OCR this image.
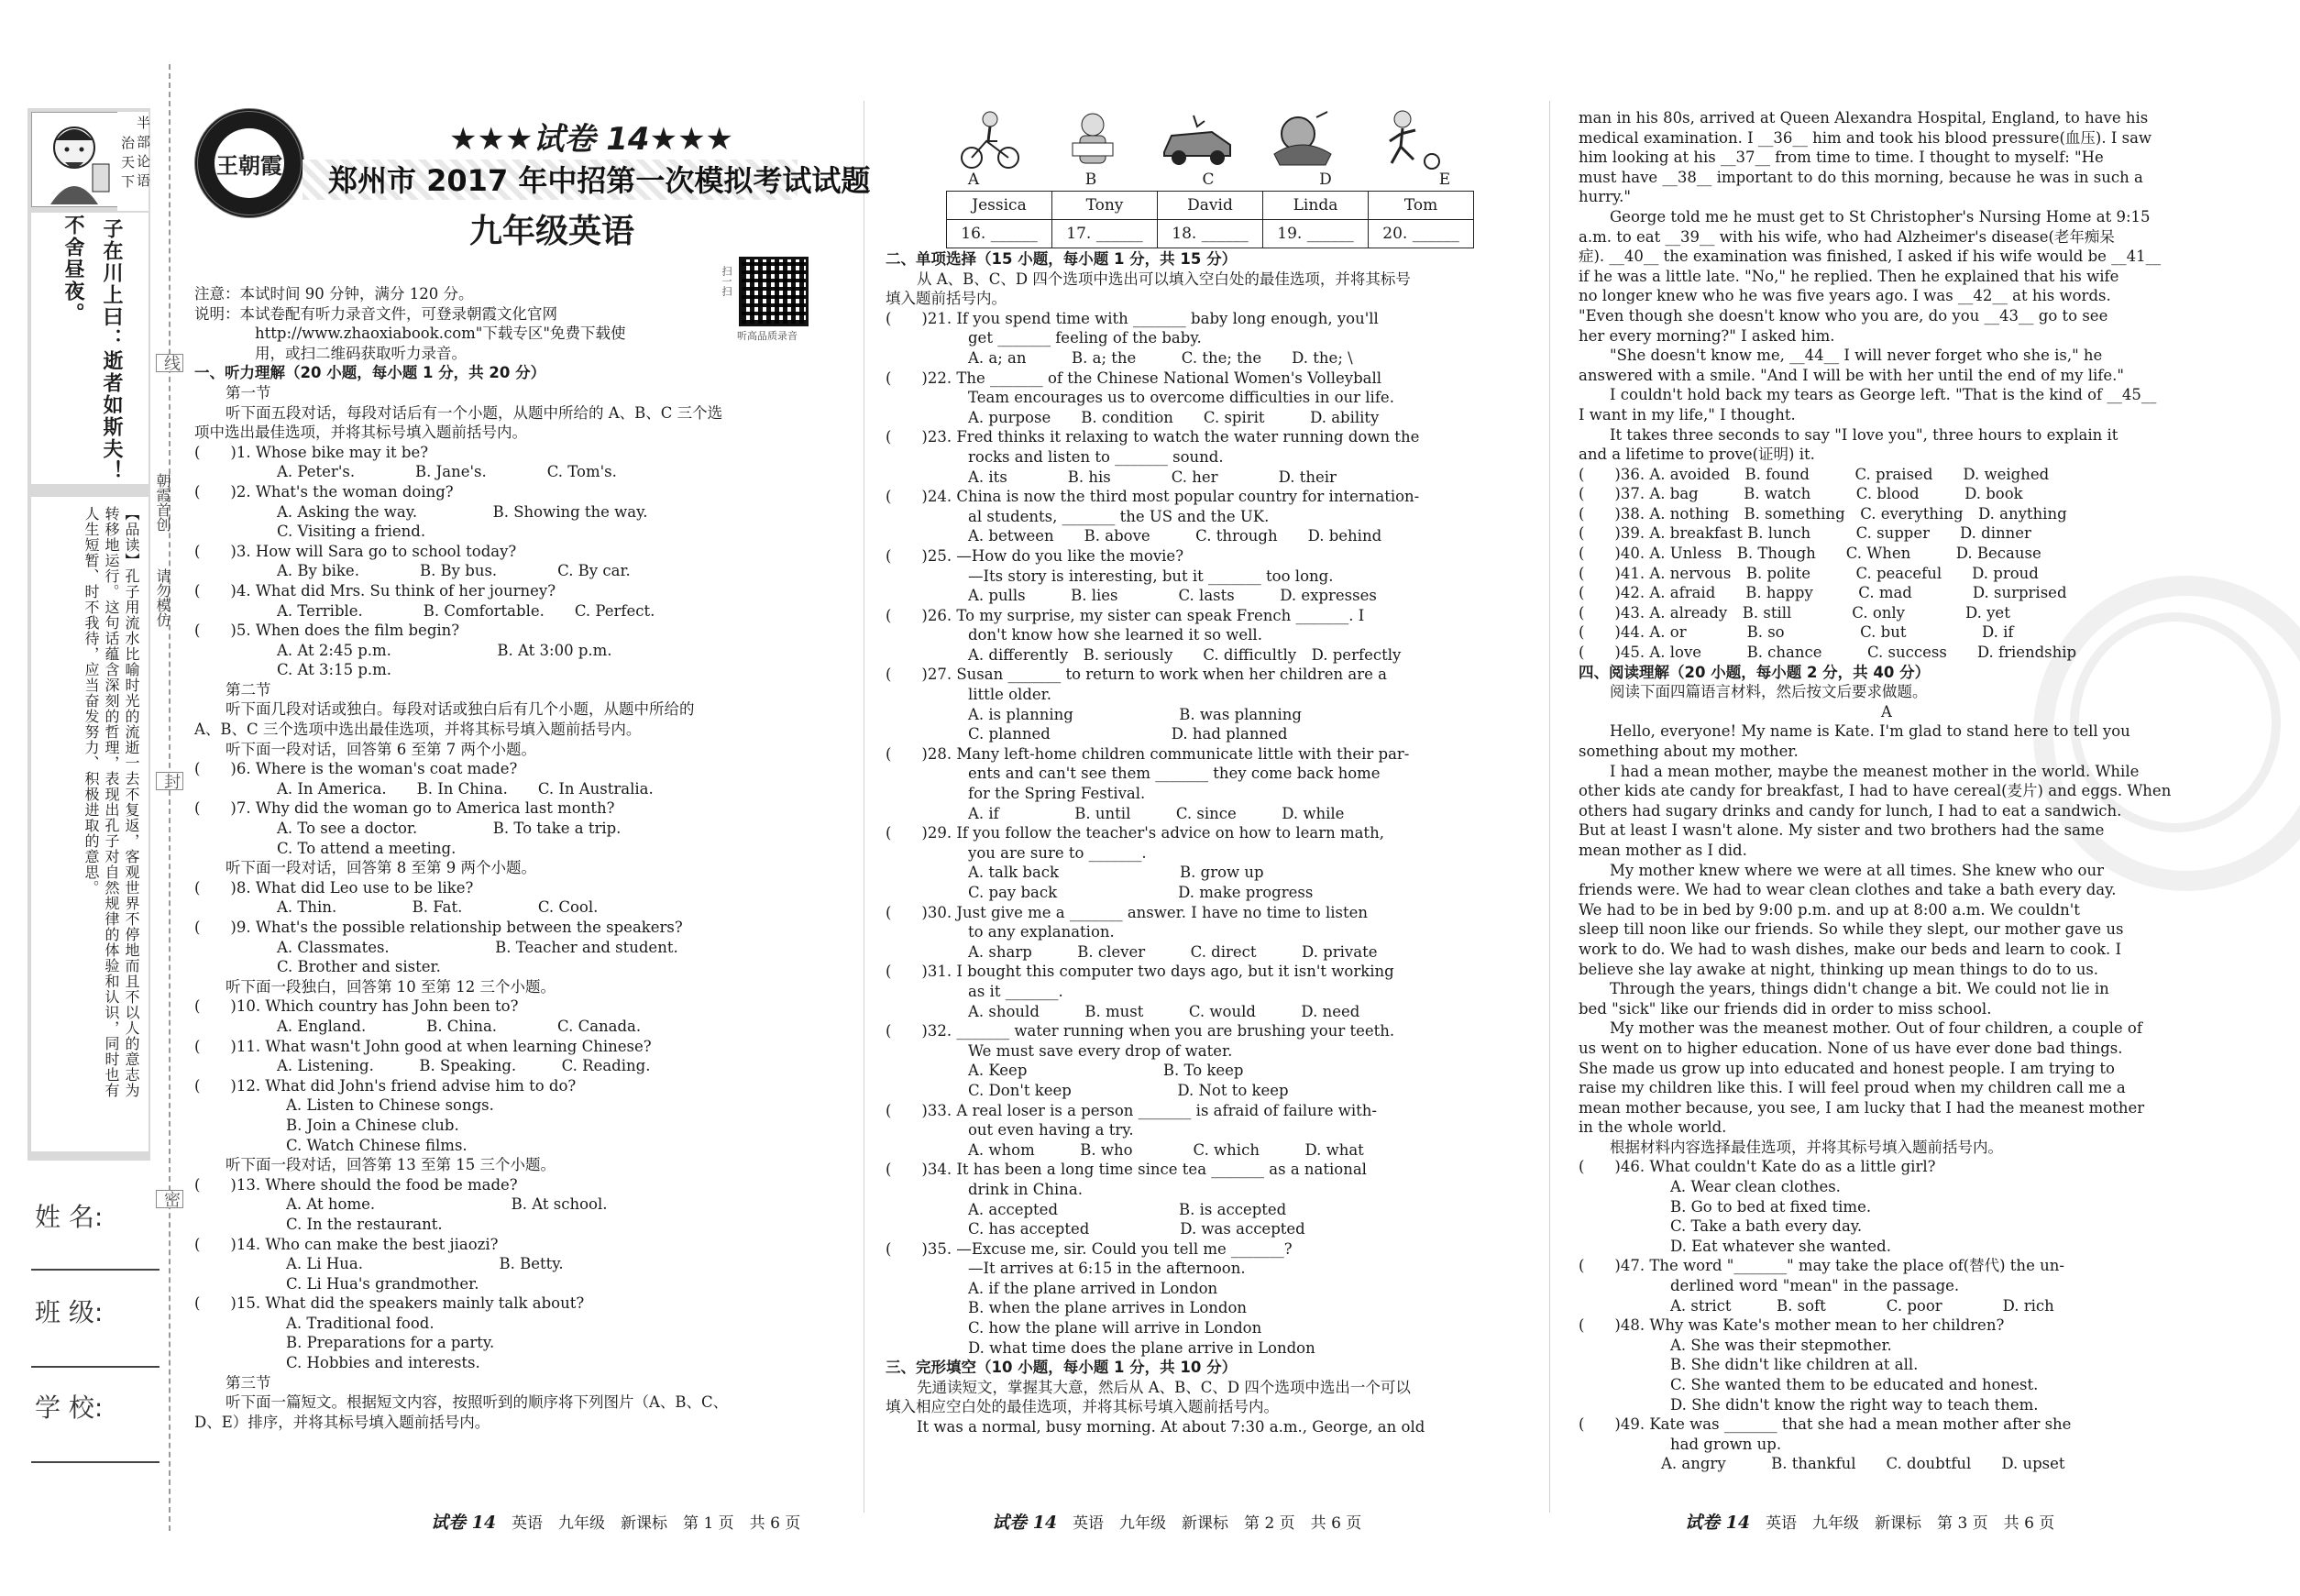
半部论语
治天下
子在川上曰：逝者如斯夫！
不舍昼夜。
【品读】孔子用流水比喻时光的流逝一去不复返，客观世界不停地而且不以人的意志为转移地运行。这句话蕴含深刻的哲理，表现出孔子对自然规律的体验和认识，同时也有人生短暂、时不我待，应当奋发努力、积极进取的意思。
姓 名:
班 级:
学 校:
线
封
密
朝霞首创
请勿模仿
王朝霞
★★★试卷 14★★★
郑州市 2017 年中招第一次模拟考试试题
九年级英语
扫一扫
听高品质录音
注意：本试时间 90 分钟，满分 120 分。
说明：本试卷配有听力录音文件，可登录朝霞文化官网
http://www.zhaoxiabook.com"下载专区"免费下载使
用，或扫二维码获取听力录音。
一、听力理解（20 小题，每小题 1 分，共 20 分）
第一节
听下面五段对话，每段对话后有一个小题，从题中所给的 A、B、C 三个选
项中选出最佳选项，并将其标号填入题前括号内。
(　　)1. Whose bike may it be?
A. Peter's.　　　　B. Jane's.　　　　C. Tom's.
(　　)2. What's the woman doing?
A. Asking the way.　　　　　B. Showing the way.
C. Visiting a friend.
(　　)3. How will Sara go to school today?
A. By bike.　　　　B. By bus.　　　　C. By car.
(　　)4. What did Mrs. Su think of her journey?
A. Terrible.　　　　B. Comfortable.　　C. Perfect.
(　　)5. When does the film begin?
A. At 2:45 p.m.　　　　　　　B. At 3:00 p.m.
C. At 3:15 p.m.
第二节
听下面几段对话或独白。每段对话或独白后有几个小题，从题中所给的
A、B、C 三个选项中选出最佳选项，并将其标号填入题前括号内。
听下面一段对话，回答第 6 至第 7 两个小题。
(　　)6. Where is the woman's coat made?
A. In America.　　B. In China.　　C. In Australia.
(　　)7. Why did the woman go to America last month?
A. To see a doctor.　　　　　B. To take a trip.
C. To attend a meeting.
听下面一段对话，回答第 8 至第 9 两个小题。
(　　)8. What did Leo use to be like?
A. Thin.　　　　　B. Fat.　　　　　C. Cool.
(　　)9. What's the possible relationship between the speakers?
A. Classmates.　　　　　　　B. Teacher and student.
C. Brother and sister.
听下面一段独白，回答第 10 至第 12 三个小题。
(　　)10. Which country has John been to?
A. England.　　　　B. China.　　　　C. Canada.
(　　)11. What wasn't John good at when learning Chinese?
A. Listening.　　　B. Speaking.　　　C. Reading.
(　　)12. What did John's friend advise him to do?
A. Listen to Chinese songs.
B. Join a Chinese club.
C. Watch Chinese films.
听下面一段对话，回答第 13 至第 15 三个小题。
(　　)13. Where should the food be made?
A. At home.　　　　　　　　　B. At school.
C. In the restaurant.
(　　)14. Who can make the best jiaozi?
A. Li Hua.　　　　　　　　　B. Betty.
C. Li Hua's grandmother.
(　　)15. What did the speakers mainly talk about?
A. Traditional food.
B. Preparations for a party.
C. Hobbies and interests.
第三节
听下面一篇短文。根据短文内容，按照听到的顺序将下列图片（A、B、C、
D、E）排序，并将其标号填入题前括号内。
A	B	C	D	E
Jessica	Tony	David	Linda	Tom
16. ______	17. ______	18. ______	19. ______	20. ______
二、单项选择（15 小题，每小题 1 分，共 15 分）
从 A、B、C、D 四个选项中选出可以填入空白处的最佳选项，并将其标号
填入题前括号内。
(　　)21. If you spend time with _______ baby long enough, you'll
get _______ feeling of the baby.
A. a; an　　　B. a; the　　　C. the; the　　D. the; \
(　　)22. The _______ of the Chinese National Women's Volleyball
Team encourages us to overcome difficulties in our life.
A. purpose　　B. condition　　C. spirit　　　D. ability
(　　)23. Fred thinks it relaxing to watch the water running down the
rocks and listen to _______ sound.
A. its　　　　B. his　　　　C. her　　　　D. their
(　　)24. China is now the third most popular country for internation-
al students, _______ the US and the UK.
A. between　　B. above　　　C. through　　D. behind
(　　)25. —How do you like the movie?
—Its story is interesting, but it _______ too long.
A. pulls　　　B. lies　　　　C. lasts　　　D. expresses
(　　)26. To my surprise, my sister can speak French _______. I
don't know how she learned it so well.
A. differently　B. seriously　　C. difficultly　D. perfectly
(　　)27. Susan _______ to return to work when her children are a
little older.
A. is planning　　　　　　　B. was planning
C. planned　　　　　　　　D. had planned
(　　)28. Many left-home children communicate little with their par-
ents and can't see them _______ they come back home
for the Spring Festival.
A. if　　　　　B. until　　　C. since　　　D. while
(　　)29. If you follow the teacher's advice on how to learn math,
you are sure to _______.
A. talk back　　　　　　　　B. grow up
C. pay back　　　　　　　　D. make progress
(　　)30. Just give me a _______ answer. I have no time to listen
to any explanation.
A. sharp　　　B. clever　　　C. direct　　　D. private
(　　)31. I bought this computer two days ago, but it isn't working
as it _______.
A. should　　　B. must　　　C. would　　　D. need
(　　)32. _______ water running when you are brushing your teeth.
We must save every drop of water.
A. Keep　　　　　　　　　B. To keep
C. Don't keep　　　　　　　D. Not to keep
(　　)33. A real loser is a person _______ is afraid of failure with-
out even having a try.
A. whom　　　B. who　　　　C. which　　　D. what
(　　)34. It has been a long time since tea _______ as a national
drink in China.
A. accepted　　　　　　　　B. is accepted
C. has accepted　　　　　　D. was accepted
(　　)35. —Excuse me, sir. Could you tell me _______?
—It arrives at 6:15 in the afternoon.
A. if the plane arrived in London
B. when the plane arrives in London
C. how the plane will arrive in London
D. what time does the plane arrive in London
三、完形填空（10 小题，每小题 1 分，共 10 分）
先通读短文，掌握其大意，然后从 A、B、C、D 四个选项中选出一个可以
填入相应空白处的最佳选项，并将其标号填入题前括号内。
It was a normal, busy morning. At about 7:30 a.m., George, an old
man in his 80s, arrived at Queen Alexandra Hospital, England, to have his
medical examination. I __36__ him and took his blood pressure(血压). I saw
him looking at his __37__ from time to time. I thought to myself: "He
must have __38__ important to do this morning, because he was in such a
hurry."
George told me he must get to St Christopher's Nursing Home at 9:15
a.m. to eat __39__ with his wife, who had Alzheimer's disease(老年痴呆
症). __40__ the examination was finished, I asked if his wife would be __41__
if he was a little late. "No," he replied. Then he explained that his wife
no longer knew who he was five years ago. I was __42__ at his words.
"Even though she doesn't know who you are, do you __43__ go to see
her every morning?" I asked him.
"She doesn't know me, __44__ I will never forget who she is," he
answered with a smile. "And I will be with her until the end of my life."
I couldn't hold back my tears as George left. "That is the kind of __45__
I want in my life," I thought.
It takes three seconds to say "I love you", three hours to explain it
and a lifetime to prove(证明) it.
(　　)36. A. avoided　B. found　　　C. praised　　D. weighed
(　　)37. A. bag　　　B. watch　　　C. blood　　　D. book
(　　)38. A. nothing　B. something　C. everything　D. anything
(　　)39. A. breakfast B. lunch　　　C. supper　　D. dinner
(　　)40. A. Unless　B. Though　　C. When　　　D. Because
(　　)41. A. nervous　B. polite　　　C. peaceful　　D. proud
(　　)42. A. afraid　　B. happy　　　C. mad　　　　D. surprised
(　　)43. A. already　B. still　　　　C. only　　　　D. yet
(　　)44. A. or　　　　B. so　　　　　C. but　　　　　D. if
(　　)45. A. love　　　B. chance　　　C. success　　D. friendship
四、阅读理解（20 小题，每小题 2 分，共 40 分）
阅读下面四篇语言材料，然后按文后要求做题。
A
Hello, everyone! My name is Kate. I'm glad to stand here to tell you
something about my mother.
I had a mean mother, maybe the meanest mother in the world. While
other kids ate candy for breakfast, I had to have cereal(麦片) and eggs. When
others had sugary drinks and candy for lunch, I had to eat a sandwich.
But at least I wasn't alone. My sister and two brothers had the same
mean mother as I did.
My mother knew where we were at all times. She knew who our
friends were. We had to wear clean clothes and take a bath every day.
We had to be in bed by 9:00 p.m. and up at 8:00 a.m. We couldn't
sleep till noon like our friends. So while they slept, our mother gave us
work to do. We had to wash dishes, make our beds and learn to cook. I
believe she lay awake at night, thinking up mean things to do to us.
Through the years, things didn't change a bit. We could not lie in
bed "sick" like our friends did in order to miss school.
My mother was the meanest mother. Out of four children, a couple of
us went on to higher education. None of us have ever done bad things.
She made us grow up into educated and honest people. I am trying to
raise my children like this. I will feel proud when my children call me a
mean mother because, you see, I am lucky that I had the meanest mother
in the whole world.
根据材料内容选择最佳选项，并将其标号填入题前括号内。
(　　)46. What couldn't Kate do as a little girl?
A. Wear clean clothes.
B. Go to bed at fixed time.
C. Take a bath every day.
D. Eat whatever she wanted.
(　　)47. The word "_______" may take the place of(替代) the un-
derlined word "mean" in the passage.
A. strict　　　B. soft　　　　C. poor　　　　D. rich
(　　)48. Why was Kate's mother mean to her children?
A. She was their stepmother.
B. She didn't like children at all.
C. She wanted them to be educated and honest.
D. She didn't know the right way to teach them.
(　　)49. Kate was _______ that she had a mean mother after she
had grown up.
A. angry　　　B. thankful　　C. doubtful　　D. upset
试卷 14　 英语　九年级　新课标　第 1 页　共 6 页	试卷 14　 英语　九年级　新课标　第 2 页　共 6 页	试卷 14　 英语　九年级　新课标　第 3 页　共 6 页
